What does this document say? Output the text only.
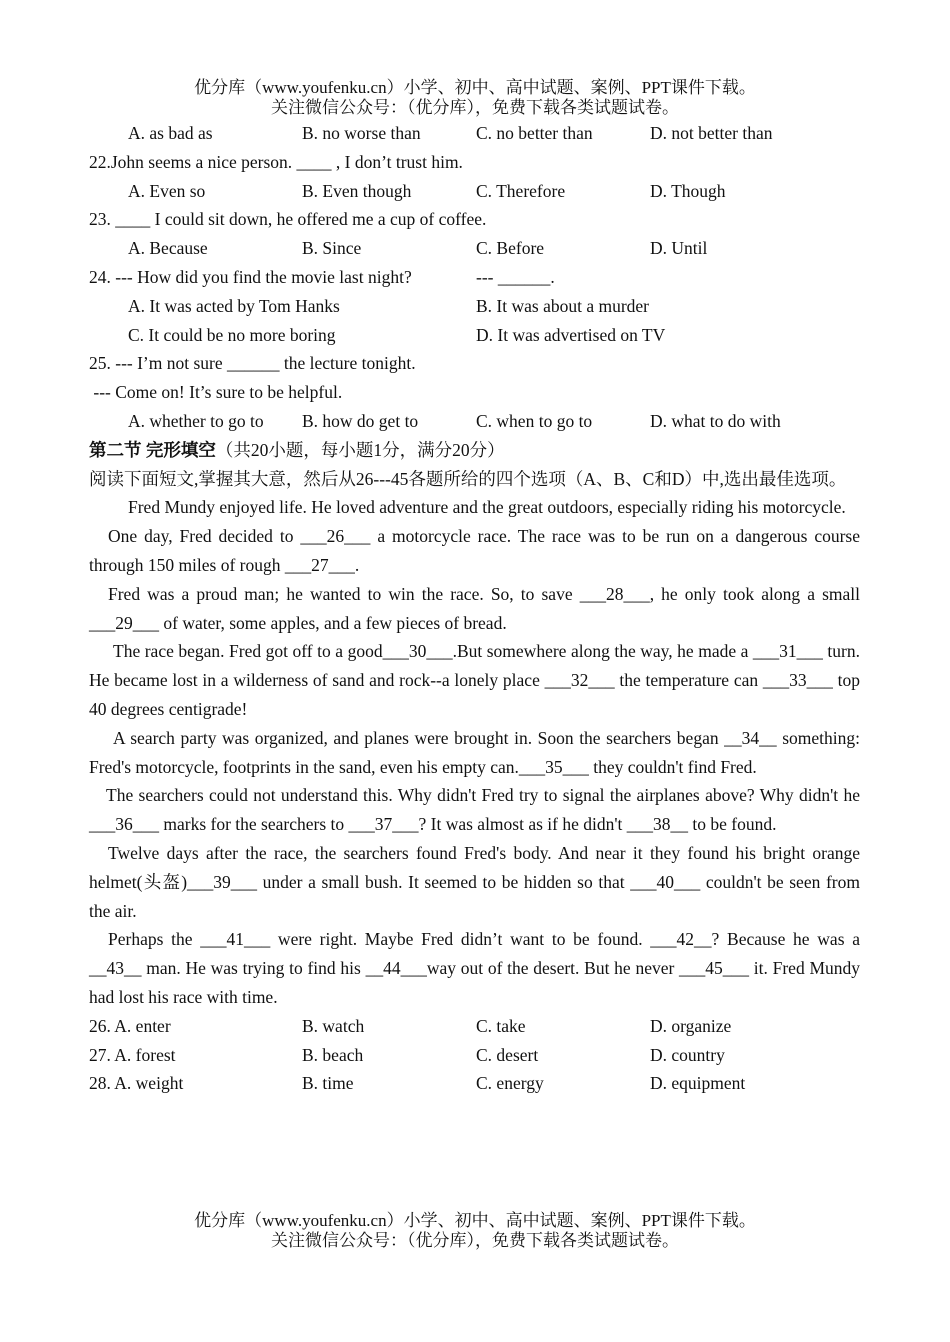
优分库（www.youfenku.cn）小学、初中、高中试题、案例、PPT课件下载。
关注微信公众号：（优分库），免费下载各类试题试卷。
A. as bad as	B. no worse than	C. no better than	D. not better than
22.John seems a nice person. ____ , I don’t trust him.
A. Even so	B. Even though	C. Therefore	D. Though
23. ____ I could sit down, he offered me a cup of coffee.
A. Because	B. Since	C. Before	D. Until
24. --- How did you find the movie last night?	--- ______.
A. It was acted by Tom Hanks	B. It was about a murder
C. It could be no more boring	D. It was advertised on TV
25. --- I’m not sure ______ the lecture tonight.
--- Come on! It’s sure to be helpful.
A. whether to go to	B. how do get to	C. when to go to	D. what to do with
第二节 完形填空（共20小题，每小题1分，满分20分）
阅读下面短文,掌握其大意，然后从26---45各题所给的四个选项（A、B、C和D）中,选出最佳选项。
Fred Mundy enjoyed life. He loved adventure and the great outdoors, especially riding his motorcycle.
One day, Fred decided to ___26___ a motorcycle race. The race was to be run on a dangerous course through 150 miles of rough ___27___.
Fred was a proud man; he wanted to win the race. So, to save ___28___, he only took along a small ___29___ of water, some apples, and a few pieces of bread.
The race began. Fred got off to a good___30___.But somewhere along the way, he made a ___31___ turn. He became lost in a wilderness of sand and rock--a lonely place ___32___ the temperature can ___33___ top 40 degrees centigrade!
A search party was organized, and planes were brought in. Soon the searchers began __34__ something: Fred's motorcycle, footprints in the sand, even his empty can.___35___ they couldn't find Fred.
The searchers could not understand this. Why didn't Fred try to signal the airplanes above? Why didn't he ___36___ marks for the searchers to ___37___? It was almost as if he didn't ___38__ to be found.
Twelve days after the race, the searchers found Fred's body. And near it they found his bright orange helmet(头盔)___39___ under a small bush. It seemed to be hidden so that ___40___ couldn't be seen from the air.
Perhaps the ___41___ were right. Maybe Fred didn’t want to be found. ___42__? Because he was a __43__ man. He was trying to find his __44___way out of the desert. But he never ___45___ it. Fred Mundy had lost his race with time.
26. A. enter	B. watch	C. take	D. organize
27. A. forest	B. beach	C. desert	D. country
28. A. weight	B. time	C. energy	D. equipment
优分库（www.youfenku.cn）小学、初中、高中试题、案例、PPT课件下载。
关注微信公众号：（优分库），免费下载各类试题试卷。
